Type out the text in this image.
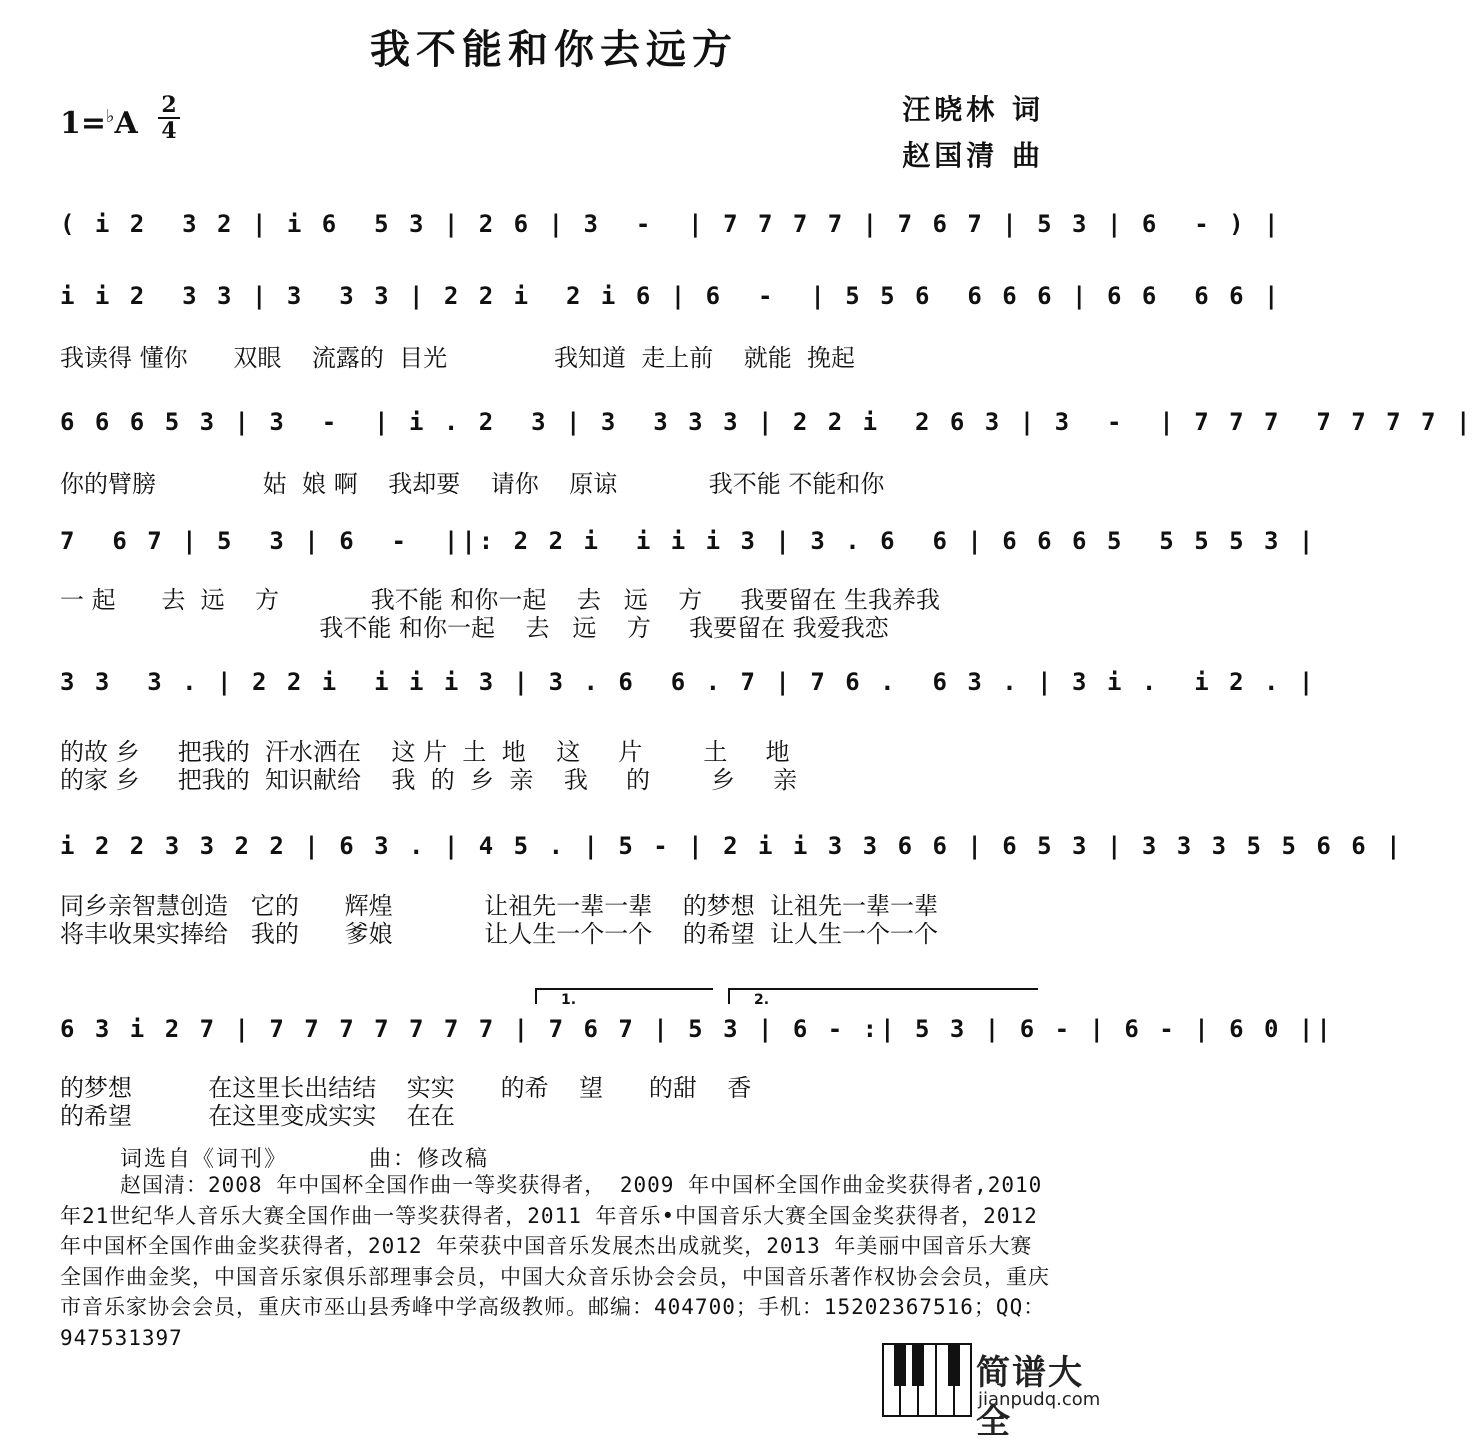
我不能和你去远方
1=♭A
2
4
汪晓林 词
赵国清 曲
( i 2  3 2 | i 6  5 3 | 2 6 | 3  -  | 7 7 7 7 | 7 6 7 | 5 3 | 6  - ) |
i i 2  3 3 | 3  3 3 | 2 2 i  2 i 6 | 6  -  | 5 5 6  6 6 6 | 6 6  6 6 |
我读得 懂你      双眼    流露的  目光              我知道  走上前    就能  挽起
6 6 6 5 3 | 3  -  | i . 2  3 | 3  3 3 3 | 2 2 i  2 6 3 | 3  -  | 7 7 7  7 7 7 7 |
你的臂膀              姑  娘 啊    我却要    请你    原谅            我不能 不能和你
7  6 7 | 5  3 | 6  -  ||: 2 2 i  i i i 3 | 3 . 6  6 | 6 6 6 5  5 5 5 3 |
一 起      去  远    方            我不能 和你一起    去   远    方     我要留在 生我养我
我不能 和你一起    去   远    方     我要留在 我爱我恋
3 3  3 . | 2 2 i  i i i 3 | 3 . 6  6 . 7 | 7 6 .  6 3 . | 3 i .  i 2 . |
的故 乡     把我的  汗水洒在    这 片  土  地    这     片        土     地
的家 乡     把我的  知识献给    我  的  乡  亲    我     的        乡     亲
i 2 2 3 3 2 2 | 6 3 . | 4 5 . | 5 - | 2 i i 3 3 6 6 | 6 5 3 | 3 3 3 5 5 6 6 |
同乡亲智慧创造   它的      辉煌            让祖先一辈一辈    的梦想  让祖先一辈一辈
将丰收果实捧给   我的      爹娘            让人生一个一个    的希望  让人生一个一个
1.	2.
6 3 i 2 7 | 7 7 7 7 7 7 7 | 7 6 7 | 5 3 | 6 - :| 5 3 | 6 - | 6 - | 6 0 ||
的梦想          在这里长出结结    实实      的希    望      的甜    香
的希望          在这里变成实实    在在
词选自《词刊》         曲：修改稿
赵国清：2008 年中国杯全国作曲一等奖获得者， 2009 年中国杯全国作曲金奖获得者,2010年21世纪华人音乐大赛全国作曲一等奖获得者，2011 年音乐•中国音乐大赛全国金奖获得者，2012 年中国杯全国作曲金奖获得者，2012 年荣获中国音乐发展杰出成就奖，2013 年美丽中国音乐大赛全国作曲金奖，中国音乐家俱乐部理事会员，中国大众音乐协会会员，中国音乐著作权协会会员，重庆市音乐家协会会员，重庆市巫山县秀峰中学高级教师。邮编：404700；手机：15202367516；QQ：947531397
简谱大全
jianpudq.com
